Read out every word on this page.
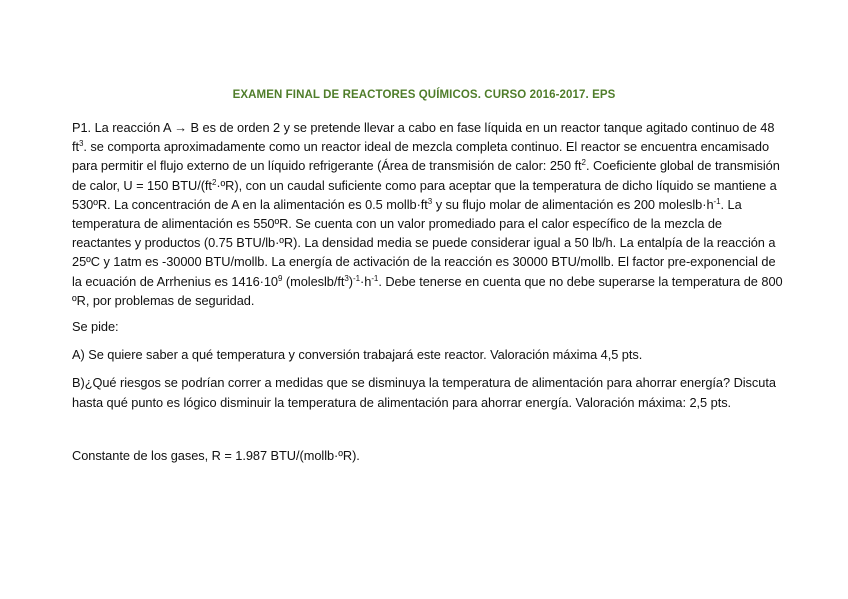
EXAMEN FINAL DE REACTORES QUÍMICOS. CURSO 2016-2017. EPS

P1. La reacción A → B es de orden 2 y se pretende llevar a cabo en fase líquida en un reactor tanque agitado continuo de 48 $ft^3$. se comporta aproximadamente como un reactor ideal de mezcla completa continuo. El reactor se encuentra encamisado para permitir el flujo externo de un líquido refrigerante (Área de transmisión de calor: 250 $ft^2$. Coeficiente global de transmisión de calor, U = 150 BTU/$(ft^2\cdot ºR)$, con un caudal suficiente como para aceptar que la temperatura de dicho líquido se mantiene a 530ºR. La concentración de A en la alimentación es 0.5 $mollb\cdot ft^3$ y su flujo molar de alimentación es 200 $moleslb\cdot h^{-1}$. La temperatura de alimentación es 550ºR. Se cuenta con un valor promediado para el calor específico de la mezcla de reactantes y productos (0.75 BTU/lb·ºR). La densidad media se puede considerar igual a 50 lb/h. La entalpía de la reacción a 25ºC y 1atm es -30000 BTU/mollb. La energía de activación de la reacción es 30000 BTU/mollb. El factor pre-exponencial de la ecuación de Arrhenius es $1416\cdot 10^9$ $(moleslb/ft^3)^{-1}\cdot h^{-1}$. Debe tenerse en cuenta que no debe superarse la temperatura de 800 ºR, por problemas de seguridad.

Se pide:

A) Se quiere saber a qué temperatura y conversión trabajará este reactor. Valoración máxima 4,5 pts.

B)¿Qué riesgos se podrían correr a medidas que se disminuya la temperatura de alimentación para ahorrar energía? Discuta hasta qué punto es lógico disminuir la temperatura de alimentación para ahorrar energía. Valoración máxima: 2,5 pts.

Constante de los gases, R = 1.987 BTU/(mollb·ºR).
